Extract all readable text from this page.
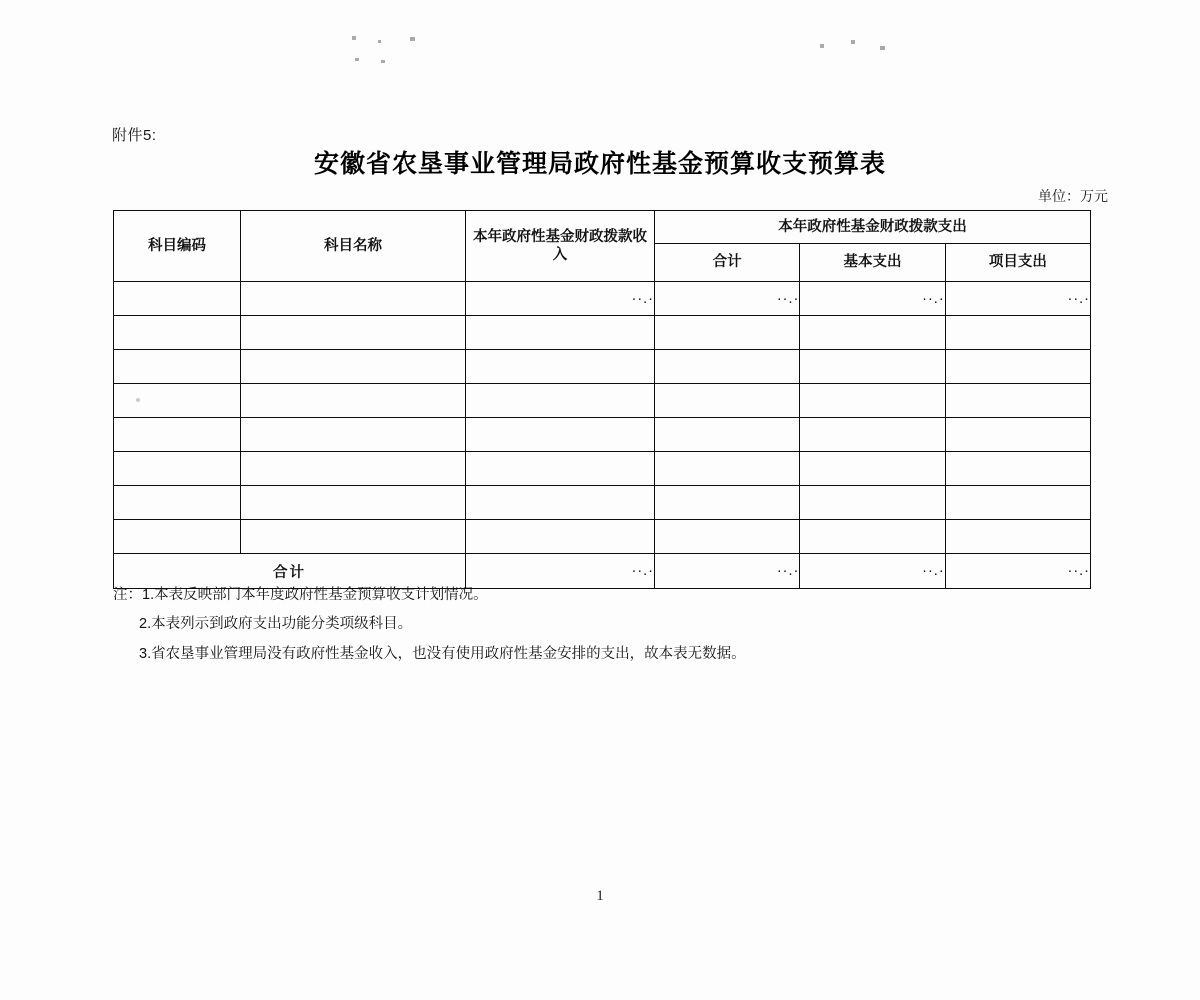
附件5:
安徽省农垦事业管理局政府性基金预算收支预算表
单位：万元
科目编码	科目名称	本年政府性基金财政拨款收入	本年政府性基金财政拨款支出		
			合计	基本支出	项目支出
		··.·	··.·	··.·	··.·

合计		··.·	··.·	··.·	··.·

注：1.本表反映部门本年度政府性基金预算收支计划情况。

2.本表列示到政府支出功能分类项级科目。

3.省农垦事业管理局没有政府性基金收入，也没有使用政府性基金安排的支出，故本表无数据。

1
